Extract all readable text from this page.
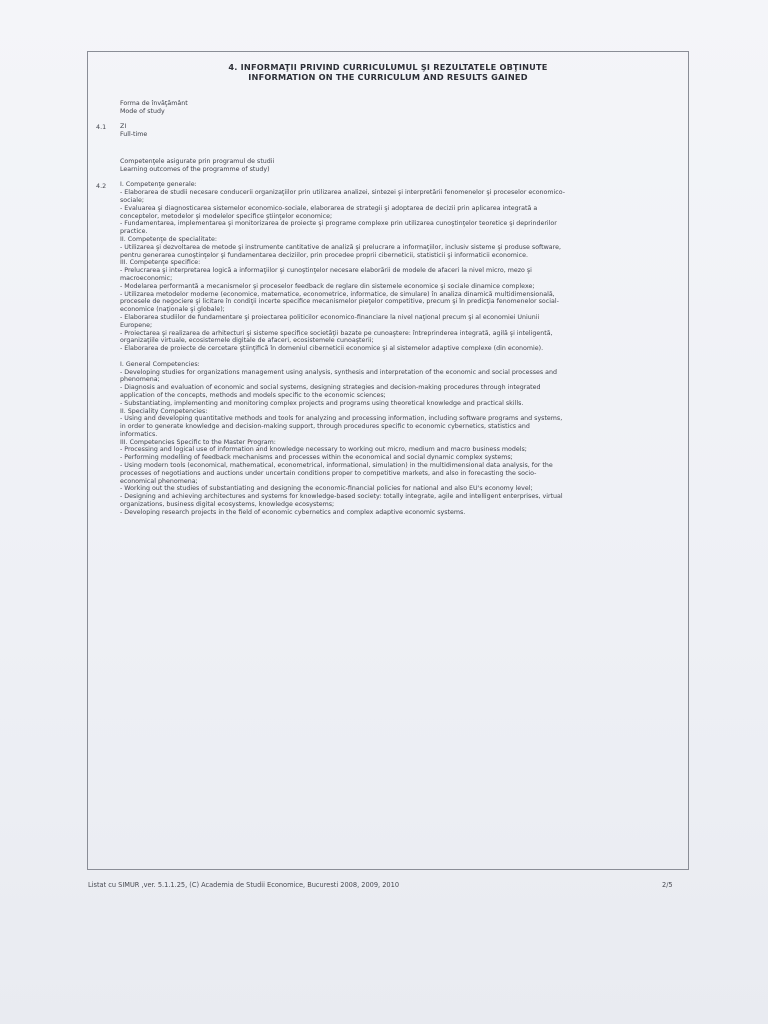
4. INFORMAŢII PRIVIND CURRICULUMUL ŞI REZULTATELE OBŢINUTE
INFORMATION ON THE CURRICULUM AND RESULTS GAINED
4.1
Forma de învăţământ
Mode of study
ZI
Full-time
4.2
Competenţele asigurate prin programul de studii
Learning outcomes of the programme of study)
I. Competenţe generale:
- Elaborarea de studii necesare conducerii organizaţiilor prin utilizarea analizei, sintezei şi interpretării fenomenelor şi proceselor economico-
sociale;
- Evaluarea şi diagnosticarea sistemelor economico-sociale, elaborarea de strategii şi adoptarea de decizii prin aplicarea integrată a
conceptelor, metodelor şi modelelor specifice ştiinţelor economice;
- Fundamentarea, implementarea şi monitorizarea de proiecte şi programe complexe prin utilizarea cunoştinţelor teoretice şi deprinderilor
practice.
II. Competenţe de specialitate:
- Utilizarea şi dezvoltarea de metode şi instrumente cantitative de analiză şi prelucrare a informaţiilor, inclusiv sisteme şi produse software,
pentru generarea cunoştinţelor şi fundamentarea deciziilor, prin procedee proprii ciberneticii, statisticii şi informaticii economice.
III. Competenţe specifice:
- Prelucrarea şi interpretarea logică a informaţiilor şi cunoştinţelor necesare elaborării de modele de afaceri la nivel micro, mezo şi
macroeconomic;
- Modelarea performantă a mecanismelor şi proceselor feedback de reglare din sistemele economice şi sociale dinamice complexe;
- Utilizarea metodelor moderne (economice, matematice, econometrice, informatice, de simulare) în analiza dinamică multidimensională,
procesele de negociere şi licitare în condiţii incerte specifice mecanismelor pieţelor competitive, precum şi în predicţia fenomenelor social-
economice (naţionale şi globale);
- Elaborarea studiilor de fundamentare şi proiectarea politicilor economico-financiare la nivel naţional precum şi al economiei Uniunii
Europene;
- Proiectarea şi realizarea de arhitecturi şi sisteme specifice societăţii bazate pe cunoaştere: întreprinderea integrată, agilă şi inteligentă,
organizaţiile virtuale, ecosistemele digitale de afaceri, ecosistemele cunoaşterii;
- Elaborarea de proiecte de cercetare ştiinţifică în domeniul ciberneticii economice şi al sistemelor adaptive complexe (din economie).
I. General Competencies:
- Developing studies for organizations management using analysis, synthesis and interpretation of the economic and social processes and
phenomena;
- Diagnosis and evaluation of economic and social systems, designing strategies and decision-making procedures through integrated
application of the concepts, methods and models specific to the economic sciences;
- Substantiating, implementing and monitoring complex projects and programs using theoretical knowledge and practical skills.
II. Speciality Competencies:
- Using and developing quantitative methods and tools for analyzing and processing information, including software programs and systems,
in order to generate knowledge and decision-making support, through procedures specific to economic cybernetics, statistics and
informatics.
III. Competencies Specific to the Master Program:
- Processing and logical use of information and knowledge necessary to working out micro, medium and macro business models;
- Performing modelling of feedback mechanisms and processes within the economical and social dynamic complex systems;
- Using modern tools (economical, mathematical, econometrical, informational, simulation) in the multidimensional data analysis, for the
processes of negotiations and auctions under uncertain conditions proper to competitive markets, and also in forecasting the socio-
economical phenomena;
- Working out the studies of substantiating and designing the economic-financial policies for national and also EU's economy level;
- Designing and achieving architectures and systems for knowledge-based society: totally integrate, agile and intelligent enterprises, virtual
organizations, business digital ecosystems, knowledge ecosystems;
- Developing research projects in the field of economic cybernetics and complex adaptive economic systems.
Listat cu SIMUR ,ver. 5.1.1.25, (C) Academia de Studii Economice, Bucuresti 2008, 2009, 2010	2/5
